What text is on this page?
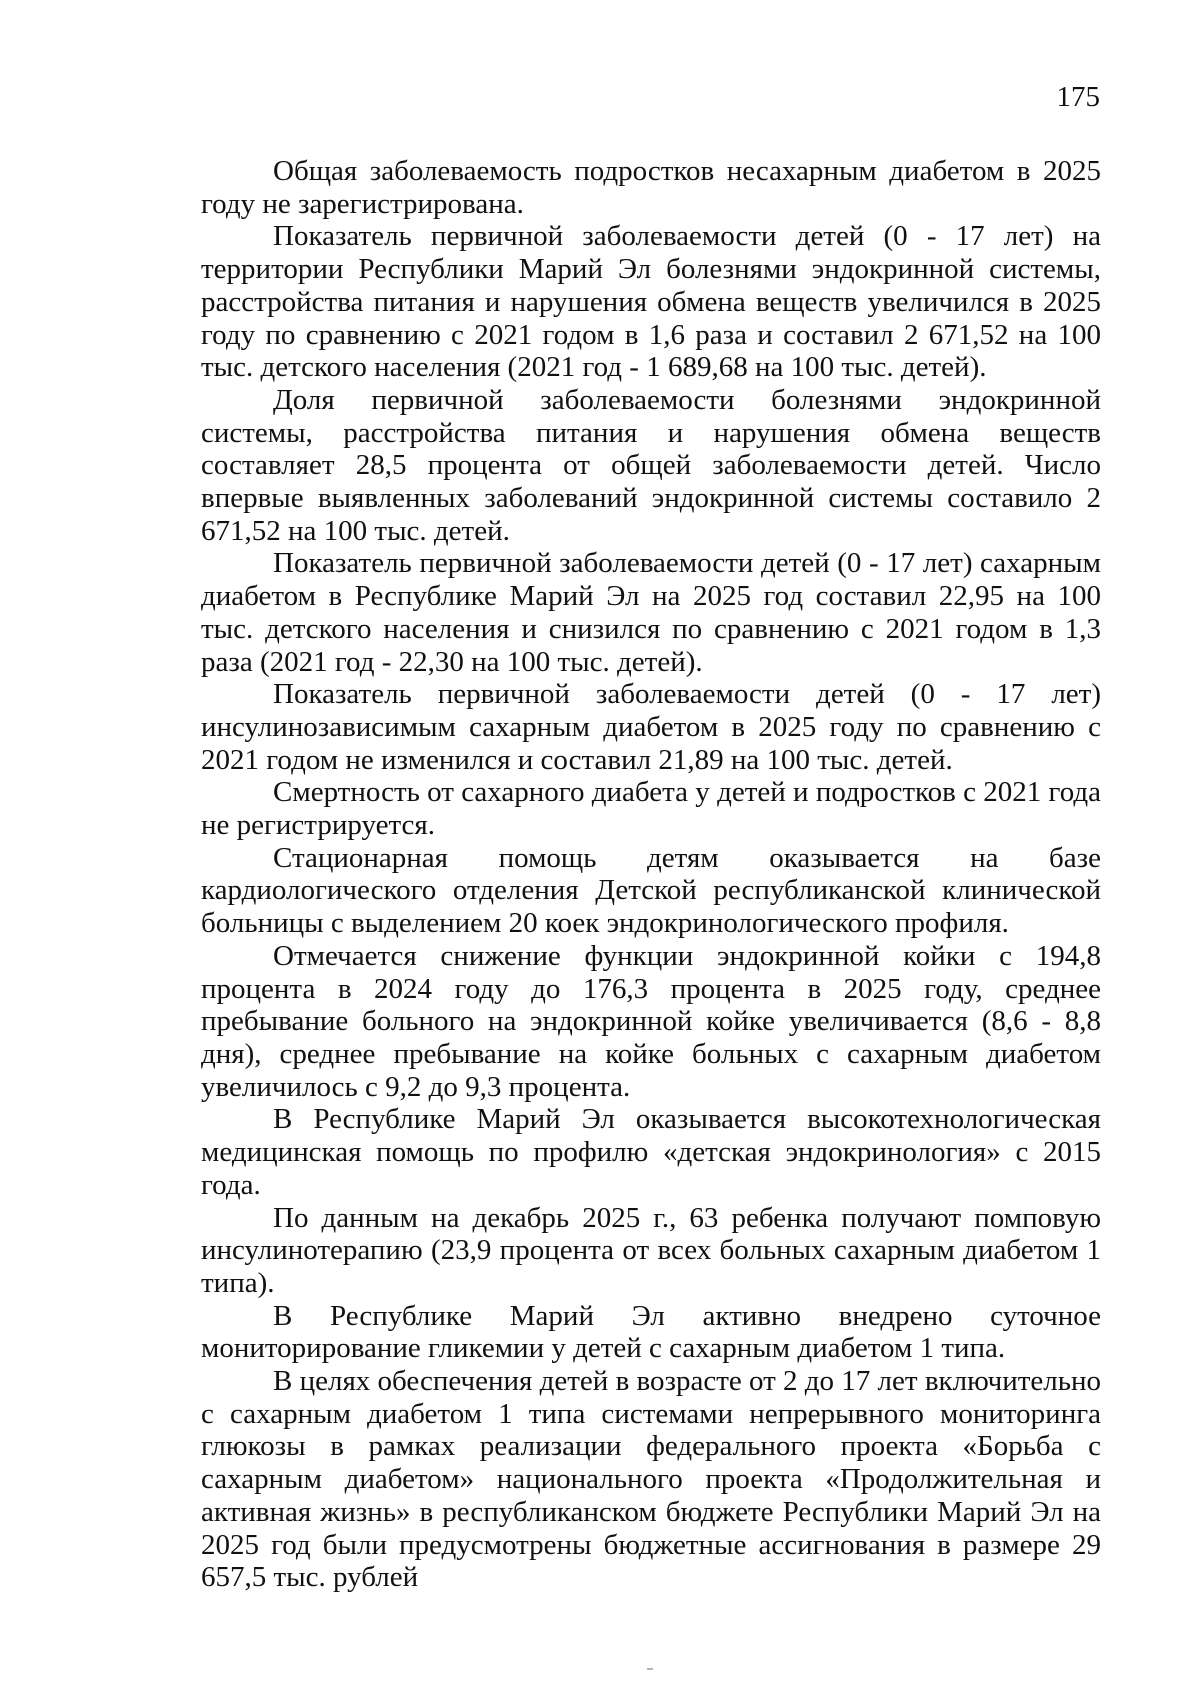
175

Общая заболеваемость подростков несахарным диабетом в 2025 году не зарегистрирована.

Показатель первичной заболеваемости детей (0 - 17 лет) на территории Республики Марий Эл болезнями эндокринной системы, расстройства питания и нарушения обмена веществ увеличился в 2025 году по сравнению с 2021 годом в 1,6 раза и составил 2 671,52 на 100 тыс. детского населения (2021 год - 1 689,68 на 100 тыс. детей).

Доля первичной заболеваемости болезнями эндокринной системы, расстройства питания и нарушения обмена веществ составляет 28,5 процента от общей заболеваемости детей. Число впервые выявленных заболеваний эндокринной системы составило 2 671,52 на 100 тыс. детей.

Показатель первичной заболеваемости детей (0 - 17 лет) сахарным диабетом в Республике Марий Эл на 2025 год составил 22,95 на 100 тыс. детского населения и снизился по сравнению с 2021 годом в 1,3 раза (2021 год - 22,30 на 100 тыс. детей).

Показатель первичной заболеваемости детей (0 - 17 лет) инсулинозависимым сахарным диабетом в 2025 году по сравнению с 2021 годом не изменился и составил 21,89 на 100 тыс. детей.

Смертность от сахарного диабета у детей и подростков с 2021 года не регистрируется.

Стационарная помощь детям оказывается на базе кардиологического отделения Детской республиканской клинической больницы с выделением 20 коек эндокринологического профиля.

Отмечается снижение функции эндокринной койки с 194,8 процента в 2024 году до 176,3 процента в 2025 году, среднее пребывание больного на эндокринной койке увеличивается (8,6 - 8,8 дня), среднее пребывание на койке больных с сахарным диабетом увеличилось с 9,2 до 9,3 процента.

В Республике Марий Эл оказывается высокотехнологическая медицинская помощь по профилю «детская эндокринология» с 2015 года.

По данным на декабрь 2025 г., 63 ребенка получают помповую инсулинотерапию (23,9 процента от всех больных сахарным диабетом 1 типа).

В Республике Марий Эл активно внедрено суточное мониторирование гликемии у детей с сахарным диабетом 1 типа.

В целях обеспечения детей в возрасте от 2 до 17 лет включительно с сахарным диабетом 1 типа системами непрерывного мониторинга глюкозы в рамках реализации федерального проекта «Борьба с сахарным диабетом» национального проекта «Продолжительная и активная жизнь» в республиканском бюджете Республики Марий Эл на 2025 год были предусмотрены бюджетные ассигнования в размере 29 657,5 тыс. рублей
